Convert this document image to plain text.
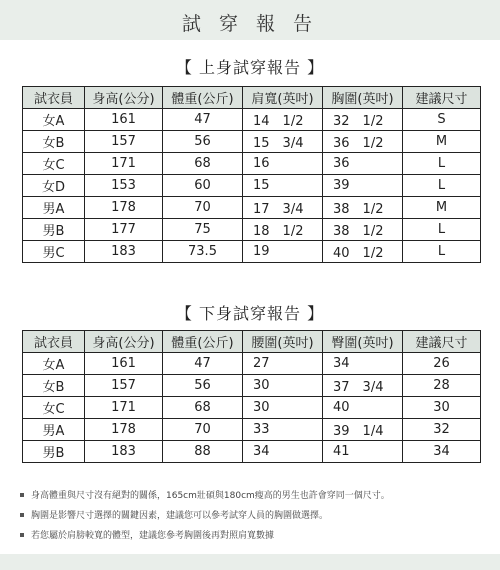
試 穿 報 告
【 上身試穿報告 】
試衣員	身高(公分)	體重(公斤)	肩寬(英吋)	胸圍(英吋)	建議尺寸
女A	161	47	14　1/2	32　1/2	S
女B	157	56	15　3/4	36　1/2	M
女C	171	68	16	36	L
女D	153	60	15	39	L
男A	178	70	17　3/4	38　1/2	M
男B	177	75	18　1/2	38　1/2	L
男C	183	73.5	19	40　1/2	L
【 下身試穿報告 】
試衣員	身高(公分)	體重(公斤)	腰圍(英吋)	臀圍(英吋)	建議尺寸
女A	161	47	27	34	26
女B	157	56	30	37　3/4	28
女C	171	68	30	40	30
男A	178	70	33	39　1/4	32
男B	183	88	34	41	34
身高體重與尺寸沒有絕對的關係，165cm壯碩與180cm瘦高的男生也許會穿同一個尺寸。
胸圍是影響尺寸選擇的關鍵因素，建議您可以參考試穿人員的胸圍做選擇。
若您屬於肩膀較寬的體型，建議您參考胸圍後再對照肩寬數據
